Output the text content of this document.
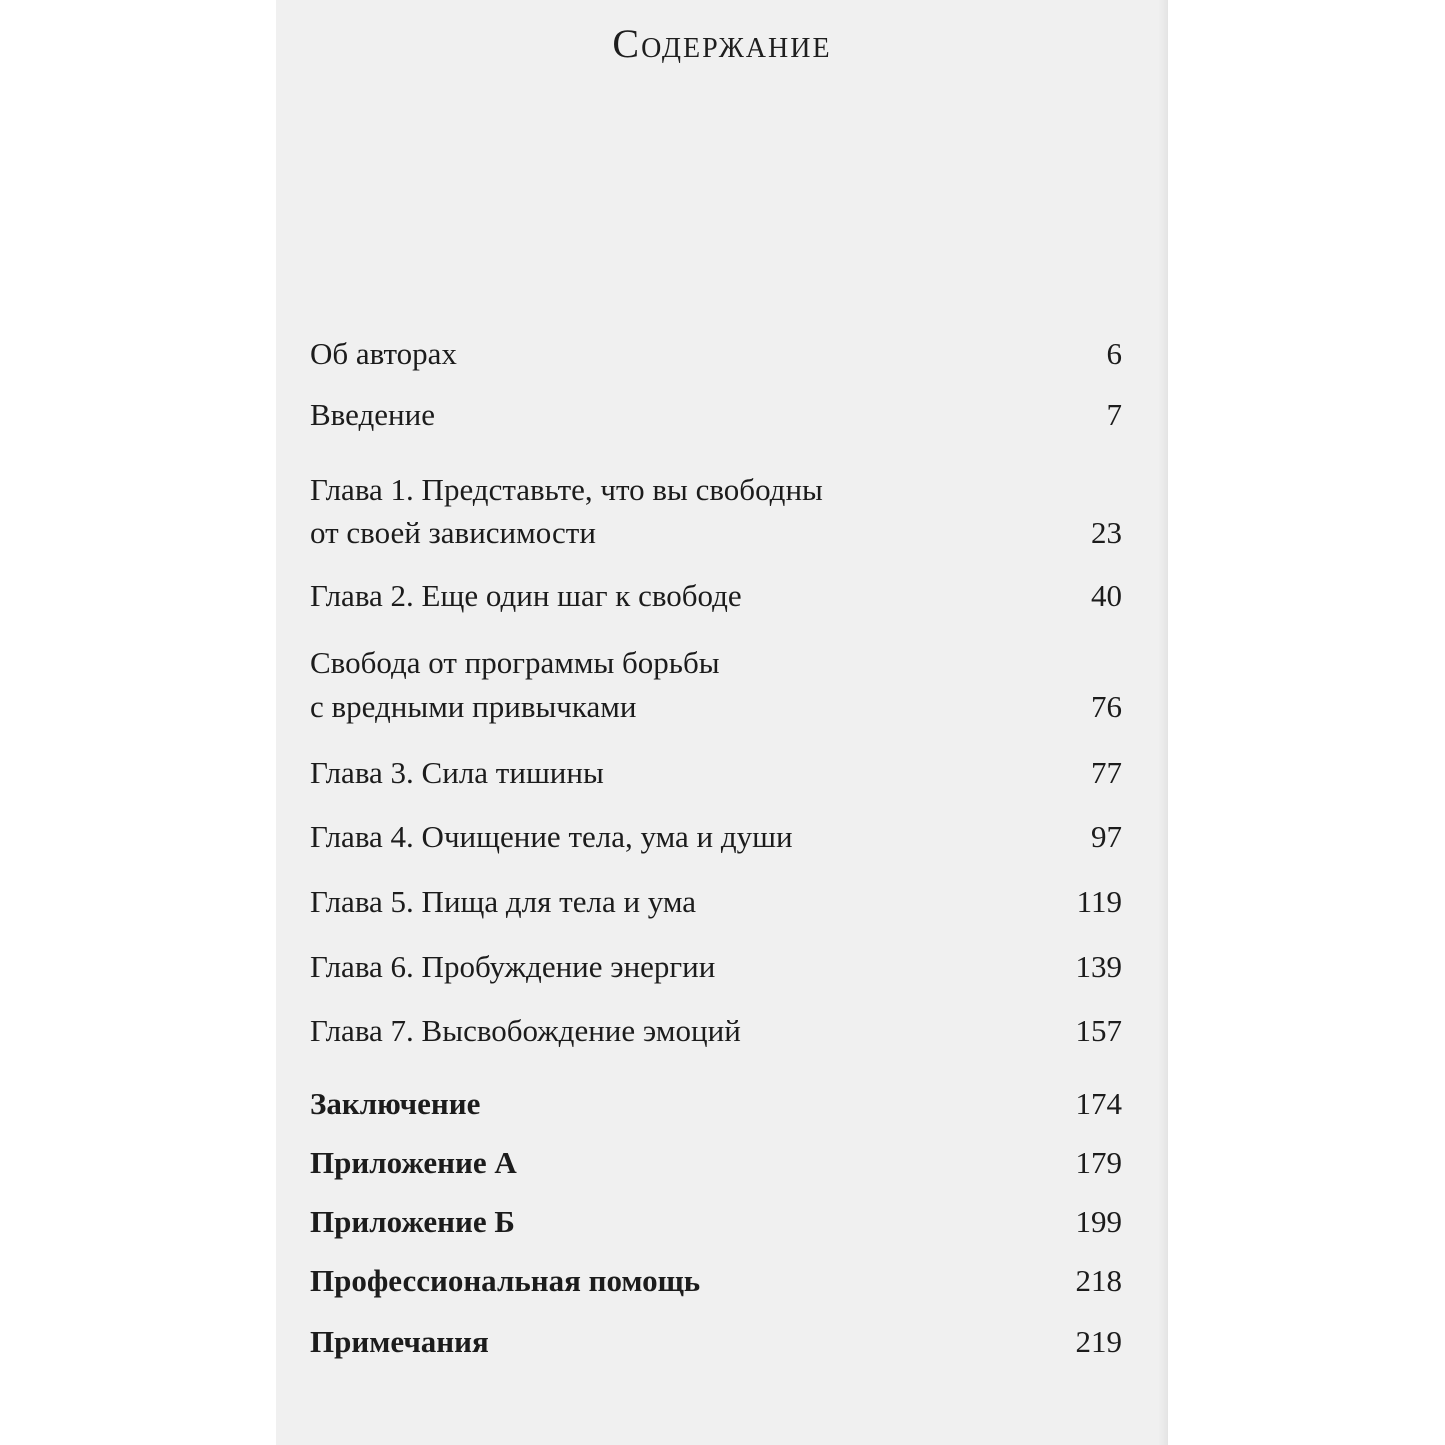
Содержание
Об авторах	6
Введение	7
Глава 1. Представьте, что вы свободны
от своей зависимости	23
Глава 2. Еще один шаг к свободе	40
Свобода от программы борьбы
с вредными привычками	76
Глава 3. Сила тишины	77
Глава 4. Очищение тела, ума и души	97
Глава 5. Пища для тела и ума	119
Глава 6. Пробуждение энергии	139
Глава 7. Высвобождение эмоций	157
Заключение	174
Приложение А	179
Приложение Б	199
Профессиональная помощь	218
Примечания	219
